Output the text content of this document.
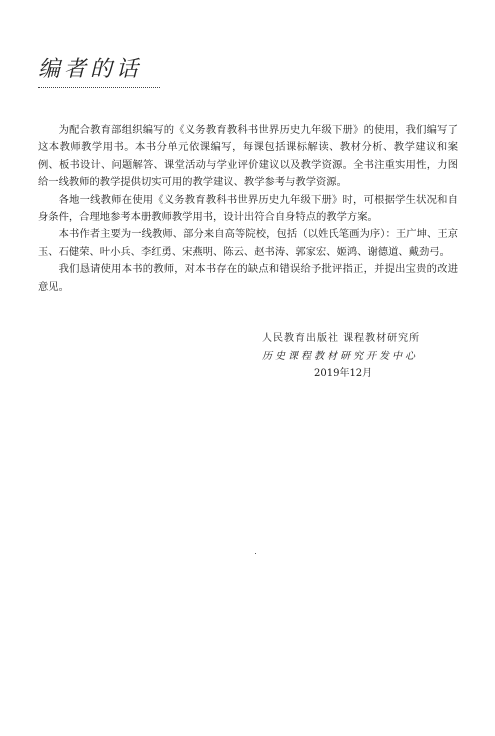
编者的话

为配合教育部组织编写的《义务教育教科书世界历史九年级下册》的使用，我们编写了这本教师教学用书。本书分单元依课编写，每课包括课标解读、教材分析、教学建议和案例、板书设计、问题解答、课堂活动与学业评价建议以及教学资源。全书注重实用性，力图给一线教师的教学提供切实可用的教学建议、教学参考与教学资源。

各地一线教师在使用《义务教育教科书世界历史九年级下册》时，可根据学生状况和自身条件，合理地参考本册教师教学用书，设计出符合自身特点的教学方案。

本书作者主要为一线教师、部分来自高等院校，包括（以姓氏笔画为序）：王广坤、王京玉、石健荣、叶小兵、李红勇、宋燕明、陈云、赵书涛、郭家宏、姬鸿、谢德道、戴劲弓。

我们恳请使用本书的教师，对本书存在的缺点和错误给予批评指正，并提出宝贵的改进意见。

人民教育出版社 课程教材研究所
历史课程教材研究开发中心
2019年12月
